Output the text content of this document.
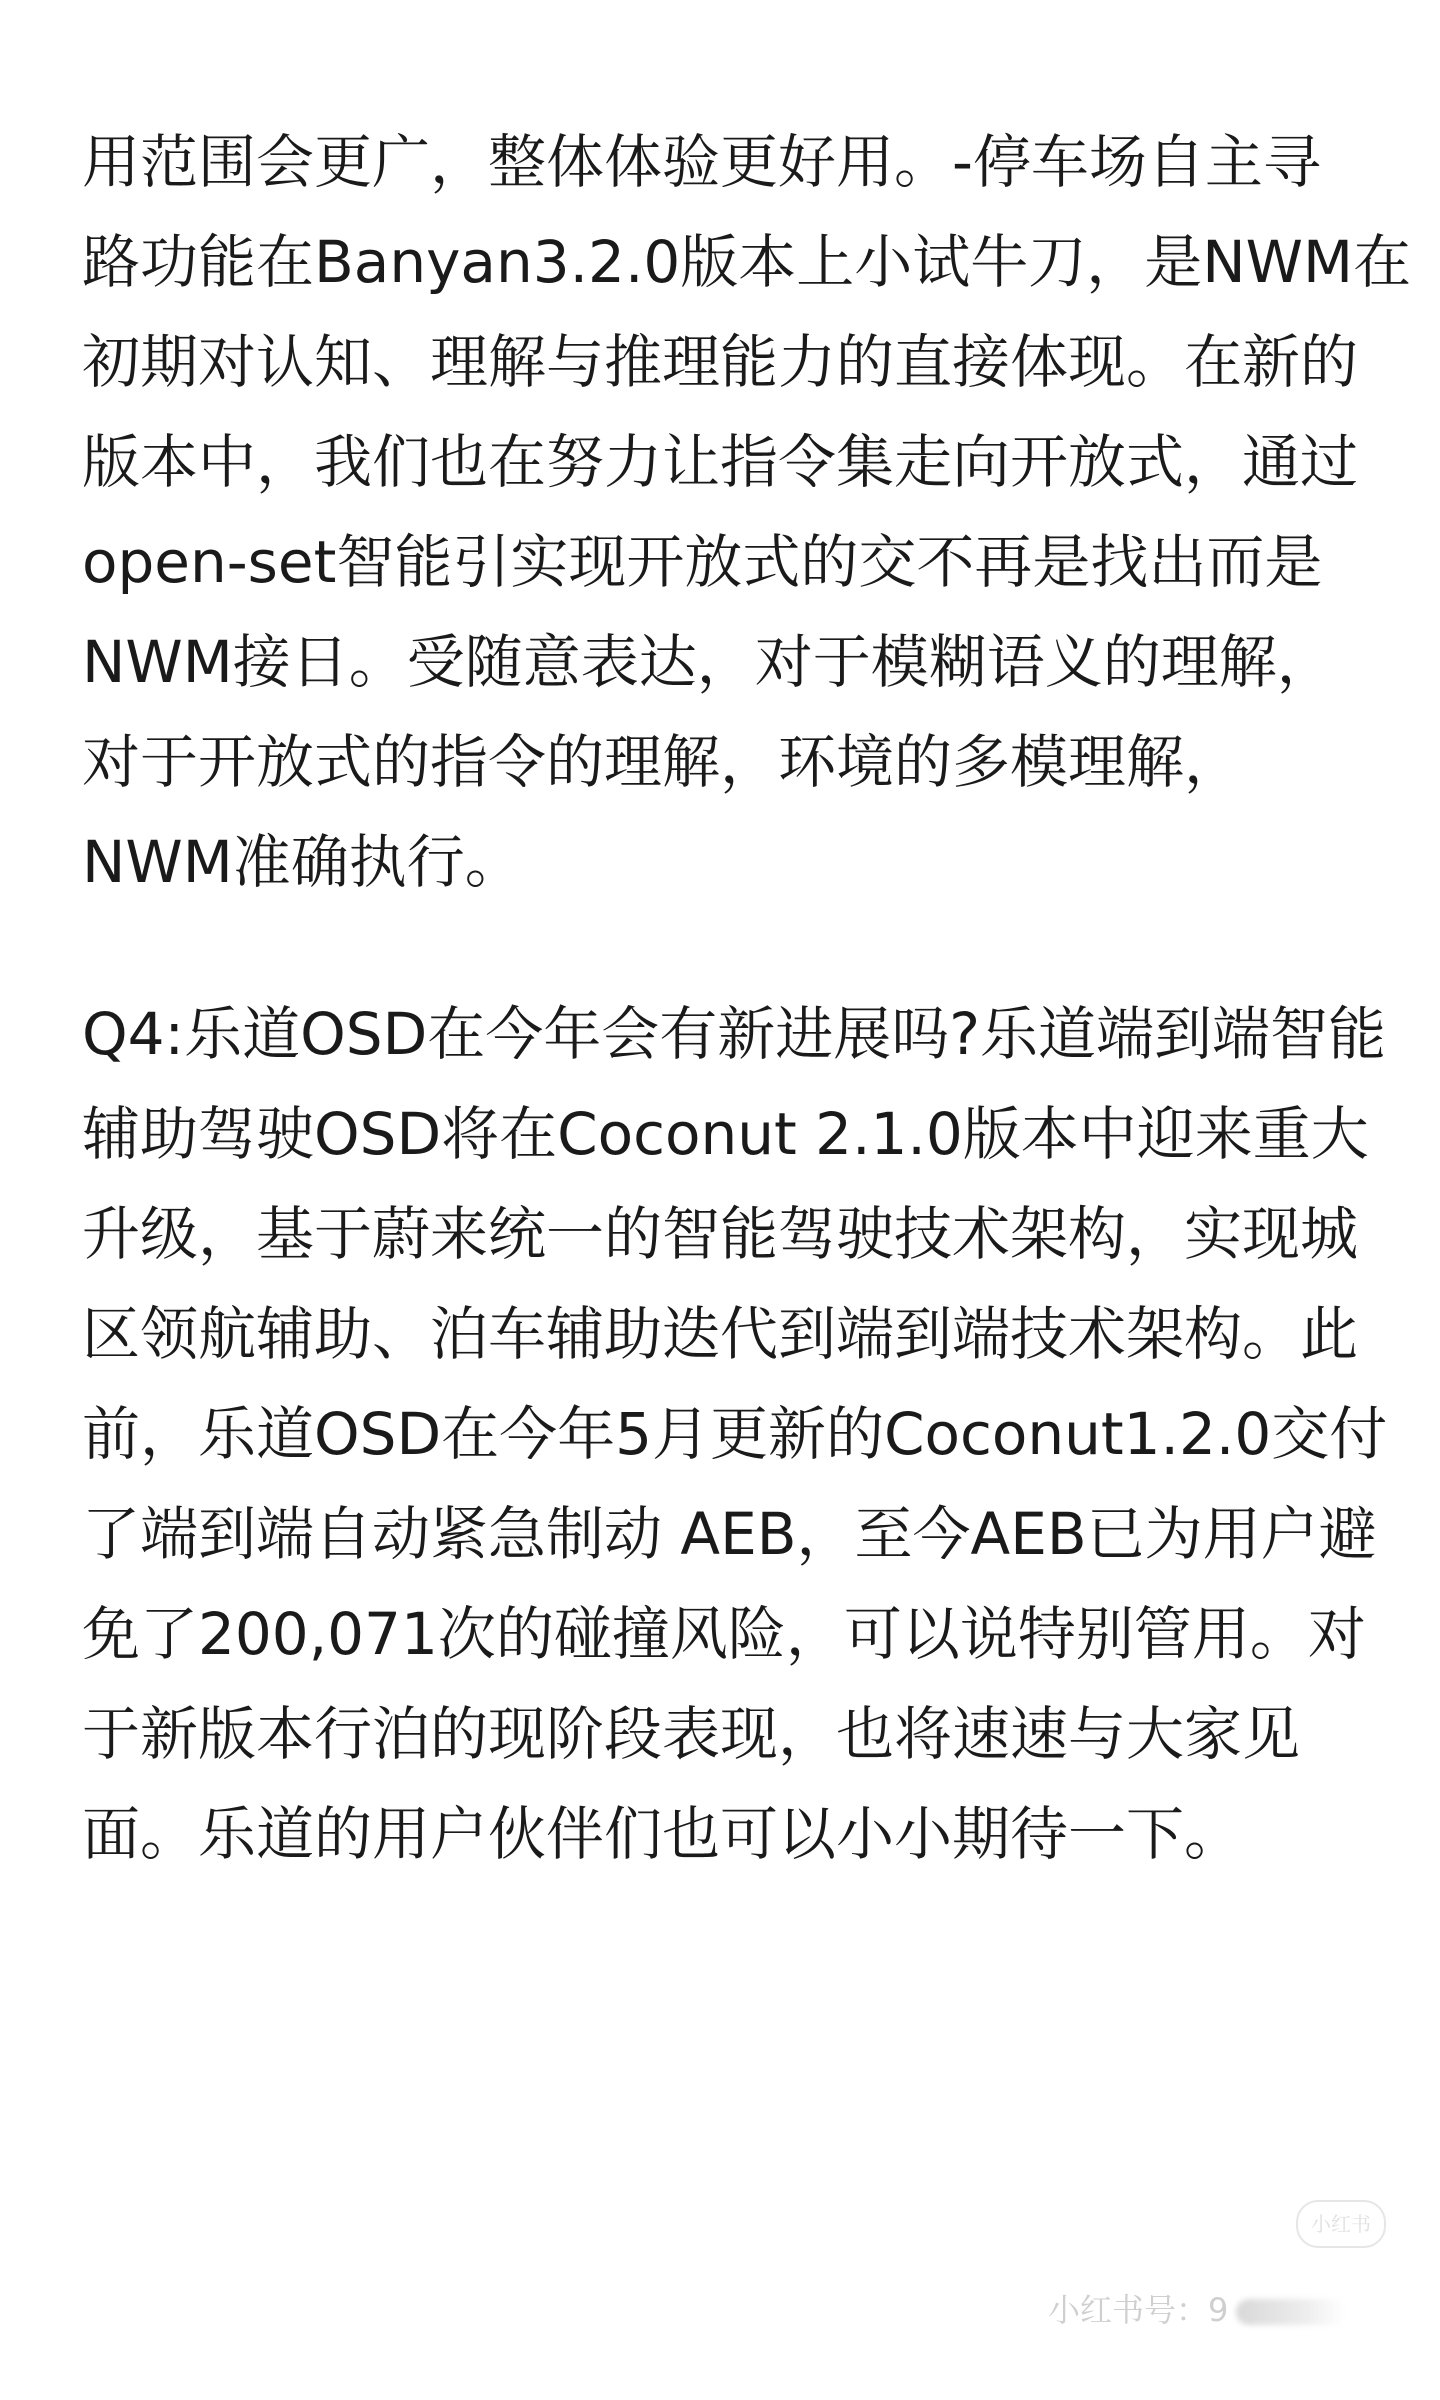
用范围会更广，整体体验更好用。-停车场自主寻
路功能在Banyan3.2.0版本上小试牛刀，是NWM在
初期对认知、理解与推理能力的直接体现。在新的
版本中，我们也在努力让指令集走向开放式，通过
open-set智能引实现开放式的交不再是找出而是
NWM接日。受随意表达，对于模糊语义的理解，
对于开放式的指令的理解，环境的多模理解，
NWM准确执行。

Q4:乐道OSD在今年会有新进展吗?乐道端到端智能
辅助驾驶OSD将在Coconut 2.1.0版本中迎来重大
升级，基于蔚来统一的智能驾驶技术架构，实现城
区领航辅助、泊车辅助迭代到端到端技术架构。此
前，乐道OSD在今年5月更新的Coconut1.2.0交付
了端到端自动紧急制动 AEB，至今AEB已为用户避
免了200,071次的碰撞风险，可以说特别管用。对
于新版本行泊的现阶段表现，也将速速与大家见
面。乐道的用户伙伴们也可以小小期待一下。

小红书
小红书号：9
